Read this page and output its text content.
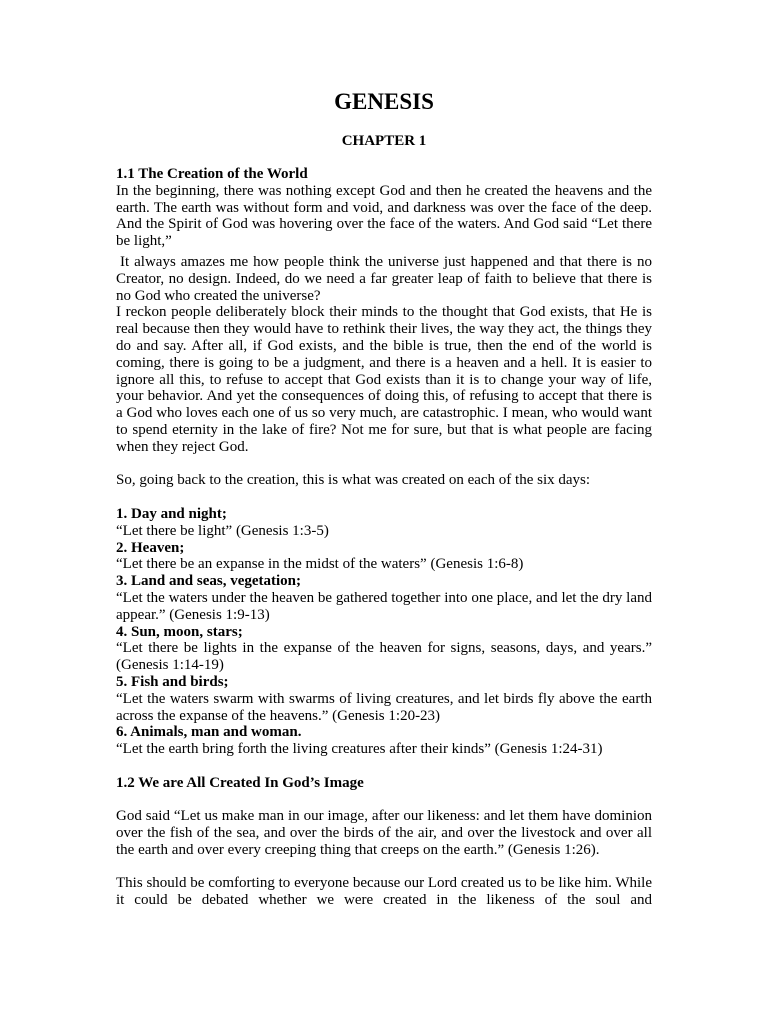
GENESIS
CHAPTER 1

1.1 The Creation of the World

In the beginning, there was nothing except God and then he created the heavens and the earth. The earth was without form and void, and darkness was over the face of the deep. And the Spirit of God was hovering over the face of the waters. And God said “Let there be light,”

It always amazes me how people think the universe just happened and that there is no Creator, no design. Indeed, do we need a far greater leap of faith to believe that there is no God who created the universe?

I reckon people deliberately block their minds to the thought that God exists, that He is real because then they would have to rethink their lives, the way they act, the things they do and say. After all, if God exists, and the bible is true, then the end of the world is coming, there is going to be a judgment, and there is a heaven and a hell. It is easier to ignore all this, to refuse to accept that God exists than it is to change your way of life, your behavior. And yet the consequences of doing this, of refusing to accept that there is a God who loves each one of us so very much, are catastrophic. I mean, who would want to spend eternity in the lake of fire? Not me for sure, but that is what people are facing when they reject God.

So, going back to the creation, this is what was created on each of the six days:

1. Day and night;

“Let there be light” (Genesis 1:3-5)

2. Heaven;

“Let there be an expanse in the midst of the waters” (Genesis 1:6-8)

3. Land and seas, vegetation;

“Let the waters under the heaven be gathered together into one place, and let the dry land appear.” (Genesis 1:9-13)

4. Sun, moon, stars;

“Let there be lights in the expanse of the heaven for signs, seasons, days, and years.” (Genesis 1:14-19)

5. Fish and birds;

“Let the waters swarm with swarms of living creatures, and let birds fly above the earth across the expanse of the heavens.” (Genesis 1:20-23)

6. Animals, man and woman.

“Let the earth bring forth the living creatures after their kinds” (Genesis 1:24-31)

1.2 We are All Created In God’s Image

God said “Let us make man in our image, after our likeness: and let them have dominion over the fish of the sea, and over the birds of the air, and over the livestock and over all the earth and over every creeping thing that creeps on the earth.” (Genesis 1:26).

This should be comforting to everyone because our Lord created us to be like him. While it could be debated whether we were created in the likeness of the soul and
